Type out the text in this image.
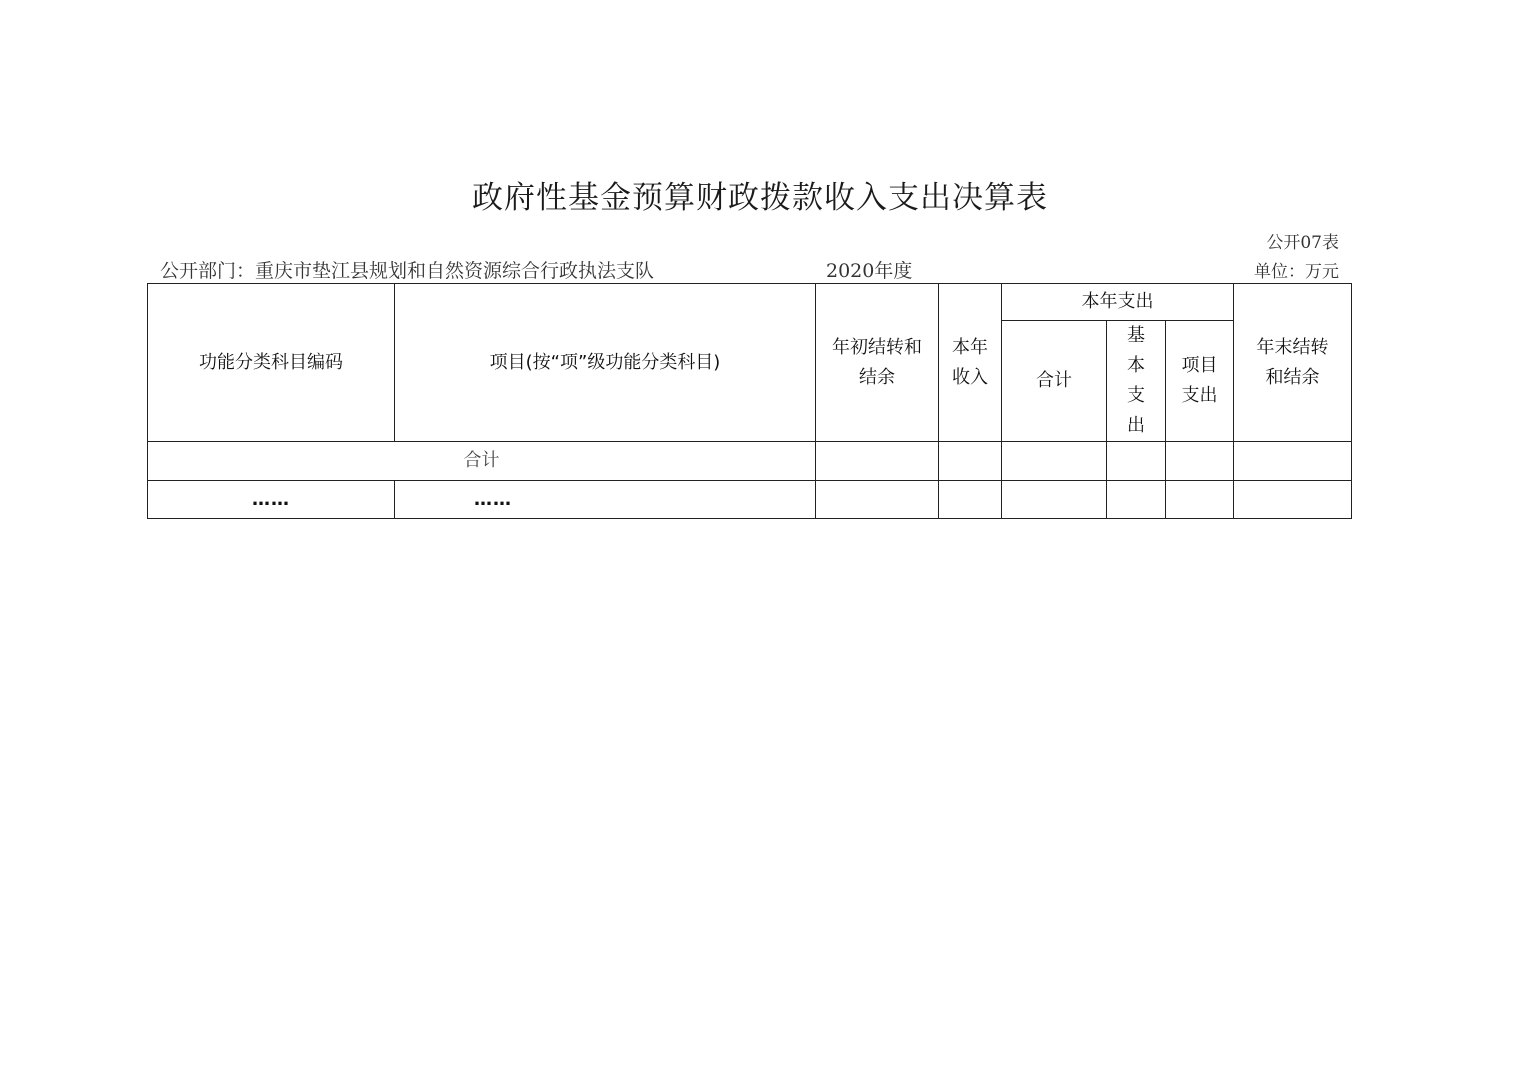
政府性基金预算财政拨款收入支出决算表
公开07表
公开部门：重庆市垫江县规划和自然资源综合行政执法支队	2020年度	单位：万元
功能分类科目编码	项目(按“项”级功能分类科目)	年初结转和结余	本年收入	本年支出			年末结转和结余
				合计	基本支出	项目支出	
合计							
……	……						
